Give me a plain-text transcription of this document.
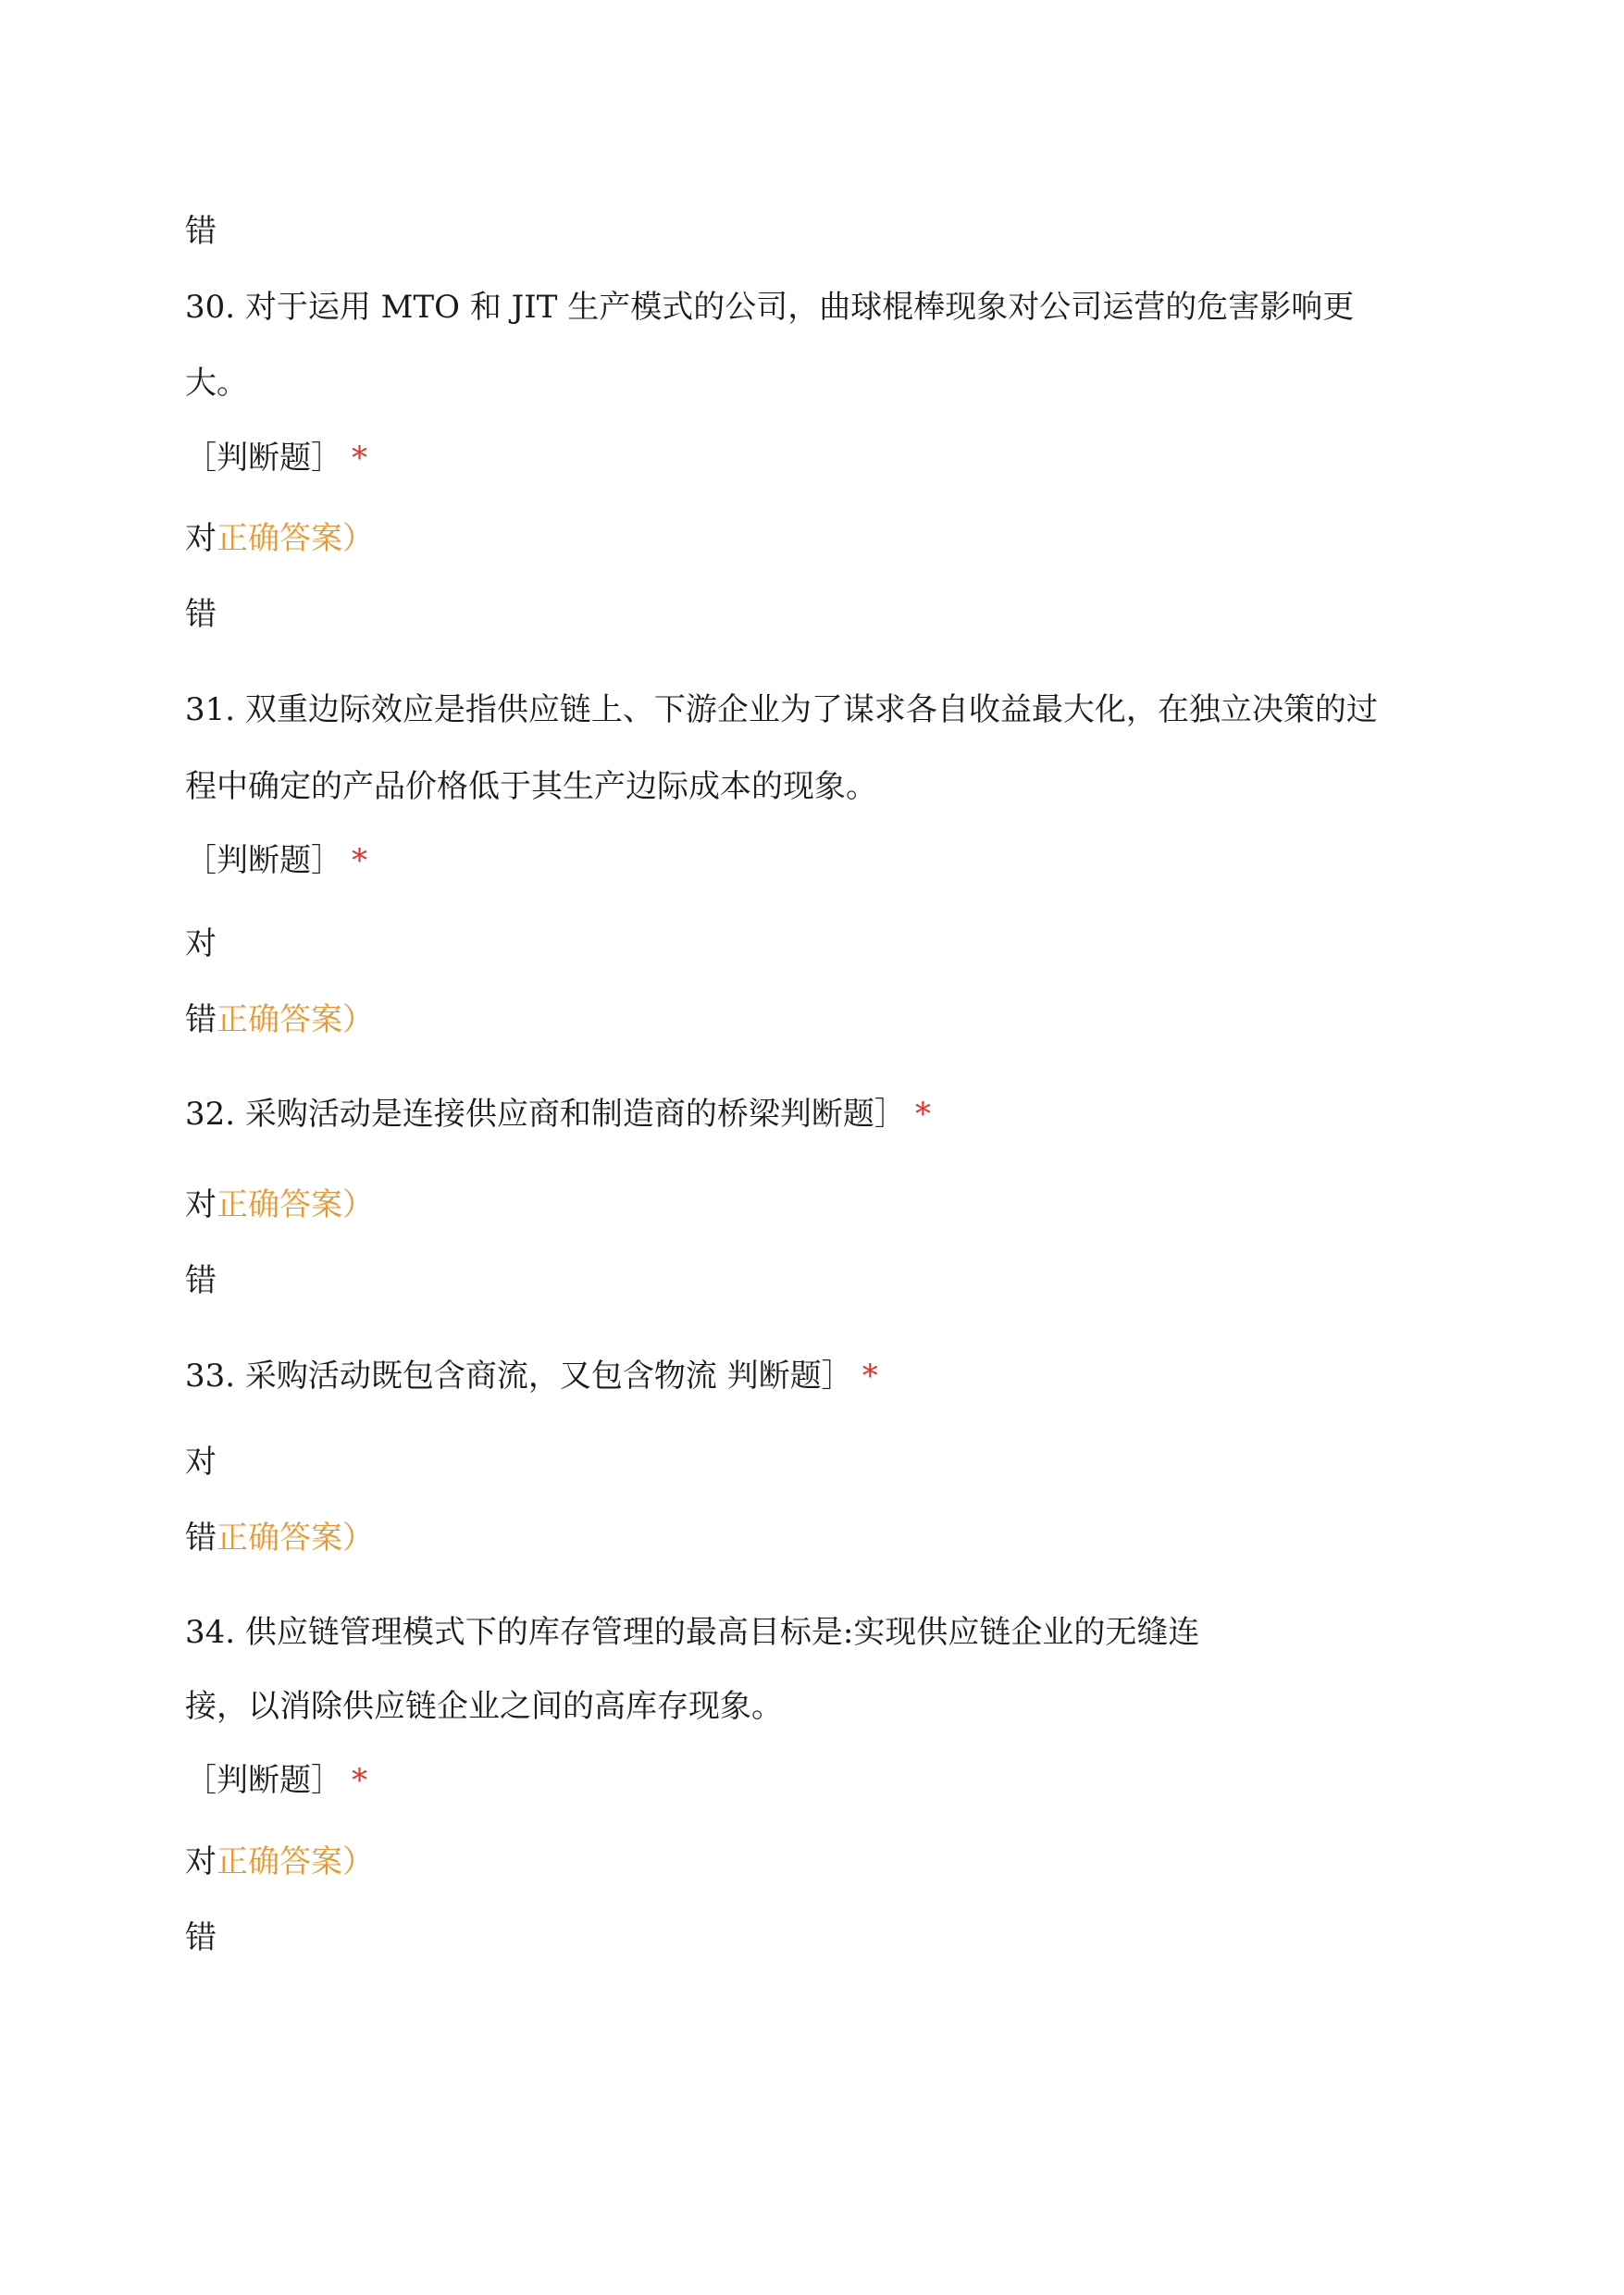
错
30. 对于运用 MTO 和 JIT 生产模式的公司，曲球棍棒现象对公司运营的危害影响更
大。
［判断题］ *
对正确答案）
错
31. 双重边际效应是指供应链上、下游企业为了谋求各自收益最大化，在独立决策的过
程中确定的产品价格低于其生产边际成本的现象。
［判断题］ *
对
错正确答案）
32. 采购活动是连接供应商和制造商的桥梁判断题］ *
对正确答案）
错
33. 采购活动既包含商流，又包含物流 判断题］ *
对
错正确答案）
34. 供应链管理模式下的库存管理的最高目标是:实现供应链企业的无缝连
接，以消除供应链企业之间的高库存现象。
［判断题］ *
对正确答案）
错
